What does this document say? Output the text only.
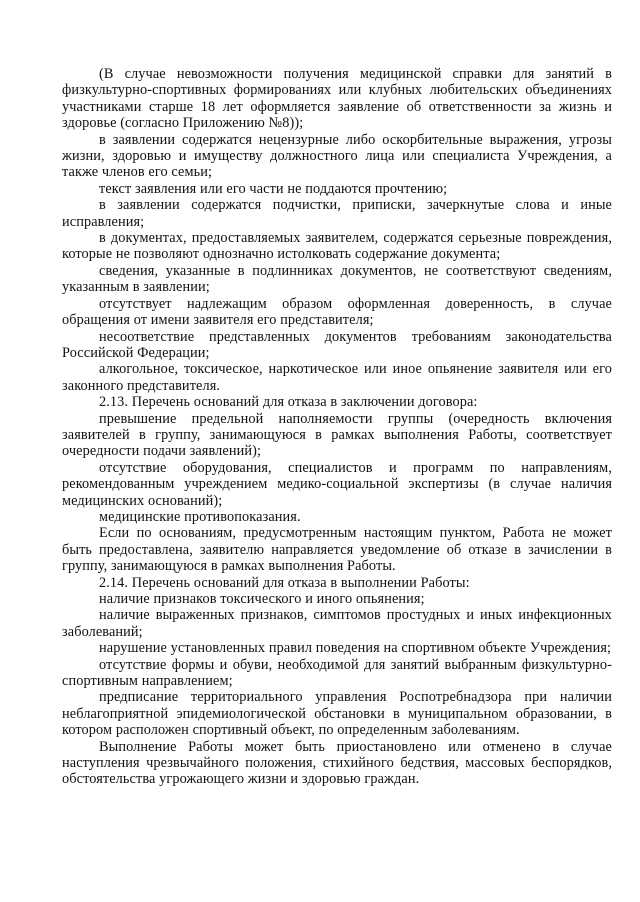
(В случае невозможности получения медицинской справки для занятий в физкультурно-спортивных формированиях или клубных любительских объединениях участниками старше 18 лет оформляется заявление об ответственности за жизнь и здоровье (согласно Приложению №8));

в заявлении содержатся нецензурные либо оскорбительные выражения, угрозы жизни, здоровью и имуществу должностного лица или специалиста Учреждения, а также членов его семьи;

текст заявления или его части не поддаются прочтению;

в заявлении содержатся подчистки, приписки, зачеркнутые слова и иные исправления;

в документах, предоставляемых заявителем, содержатся серьезные повреждения, которые не позволяют однозначно истолковать содержание документа;

сведения, указанные в подлинниках документов, не соответствуют сведениям, указанным в заявлении;

отсутствует надлежащим образом оформленная доверенность, в случае обращения от имени заявителя его представителя;

несоответствие представленных документов требованиям законодательства Российской Федерации;

алкогольное, токсическое, наркотическое или иное опьянение заявителя или его законного представителя.

2.13. Перечень оснований для отказа в заключении договора:

превышение предельной наполняемости группы (очередность включения заявителей в группу, занимающуюся в рамках выполнения Работы, соответствует очередности подачи заявлений);

отсутствие оборудования, специалистов и программ по направлениям, рекомендованным учреждением медико-социальной экспертизы (в случае наличия медицинских оснований);

медицинские противопоказания.

Если по основаниям, предусмотренным настоящим пунктом, Работа не может быть предоставлена, заявителю направляется уведомление об отказе в зачислении в группу, занимающуюся в рамках выполнения Работы.

2.14. Перечень оснований для отказа в выполнении Работы:

наличие признаков токсического и иного опьянения;

наличие выраженных признаков, симптомов простудных и иных инфекционных заболеваний;

нарушение установленных правил поведения на спортивном объекте Учреждения;

отсутствие формы и обуви, необходимой для занятий выбранным физкультурно-спортивным направлением;

предписание территориального управления Роспотребнадзора при наличии неблагоприятной эпидемиологической обстановки в муниципальном образовании, в котором расположен спортивный объект, по определенным заболеваниям.

Выполнение Работы может быть приостановлено или отменено в случае наступления чрезвычайного положения, стихийного бедствия, массовых беспорядков, обстоятельства угрожающего жизни и здоровью граждан.
